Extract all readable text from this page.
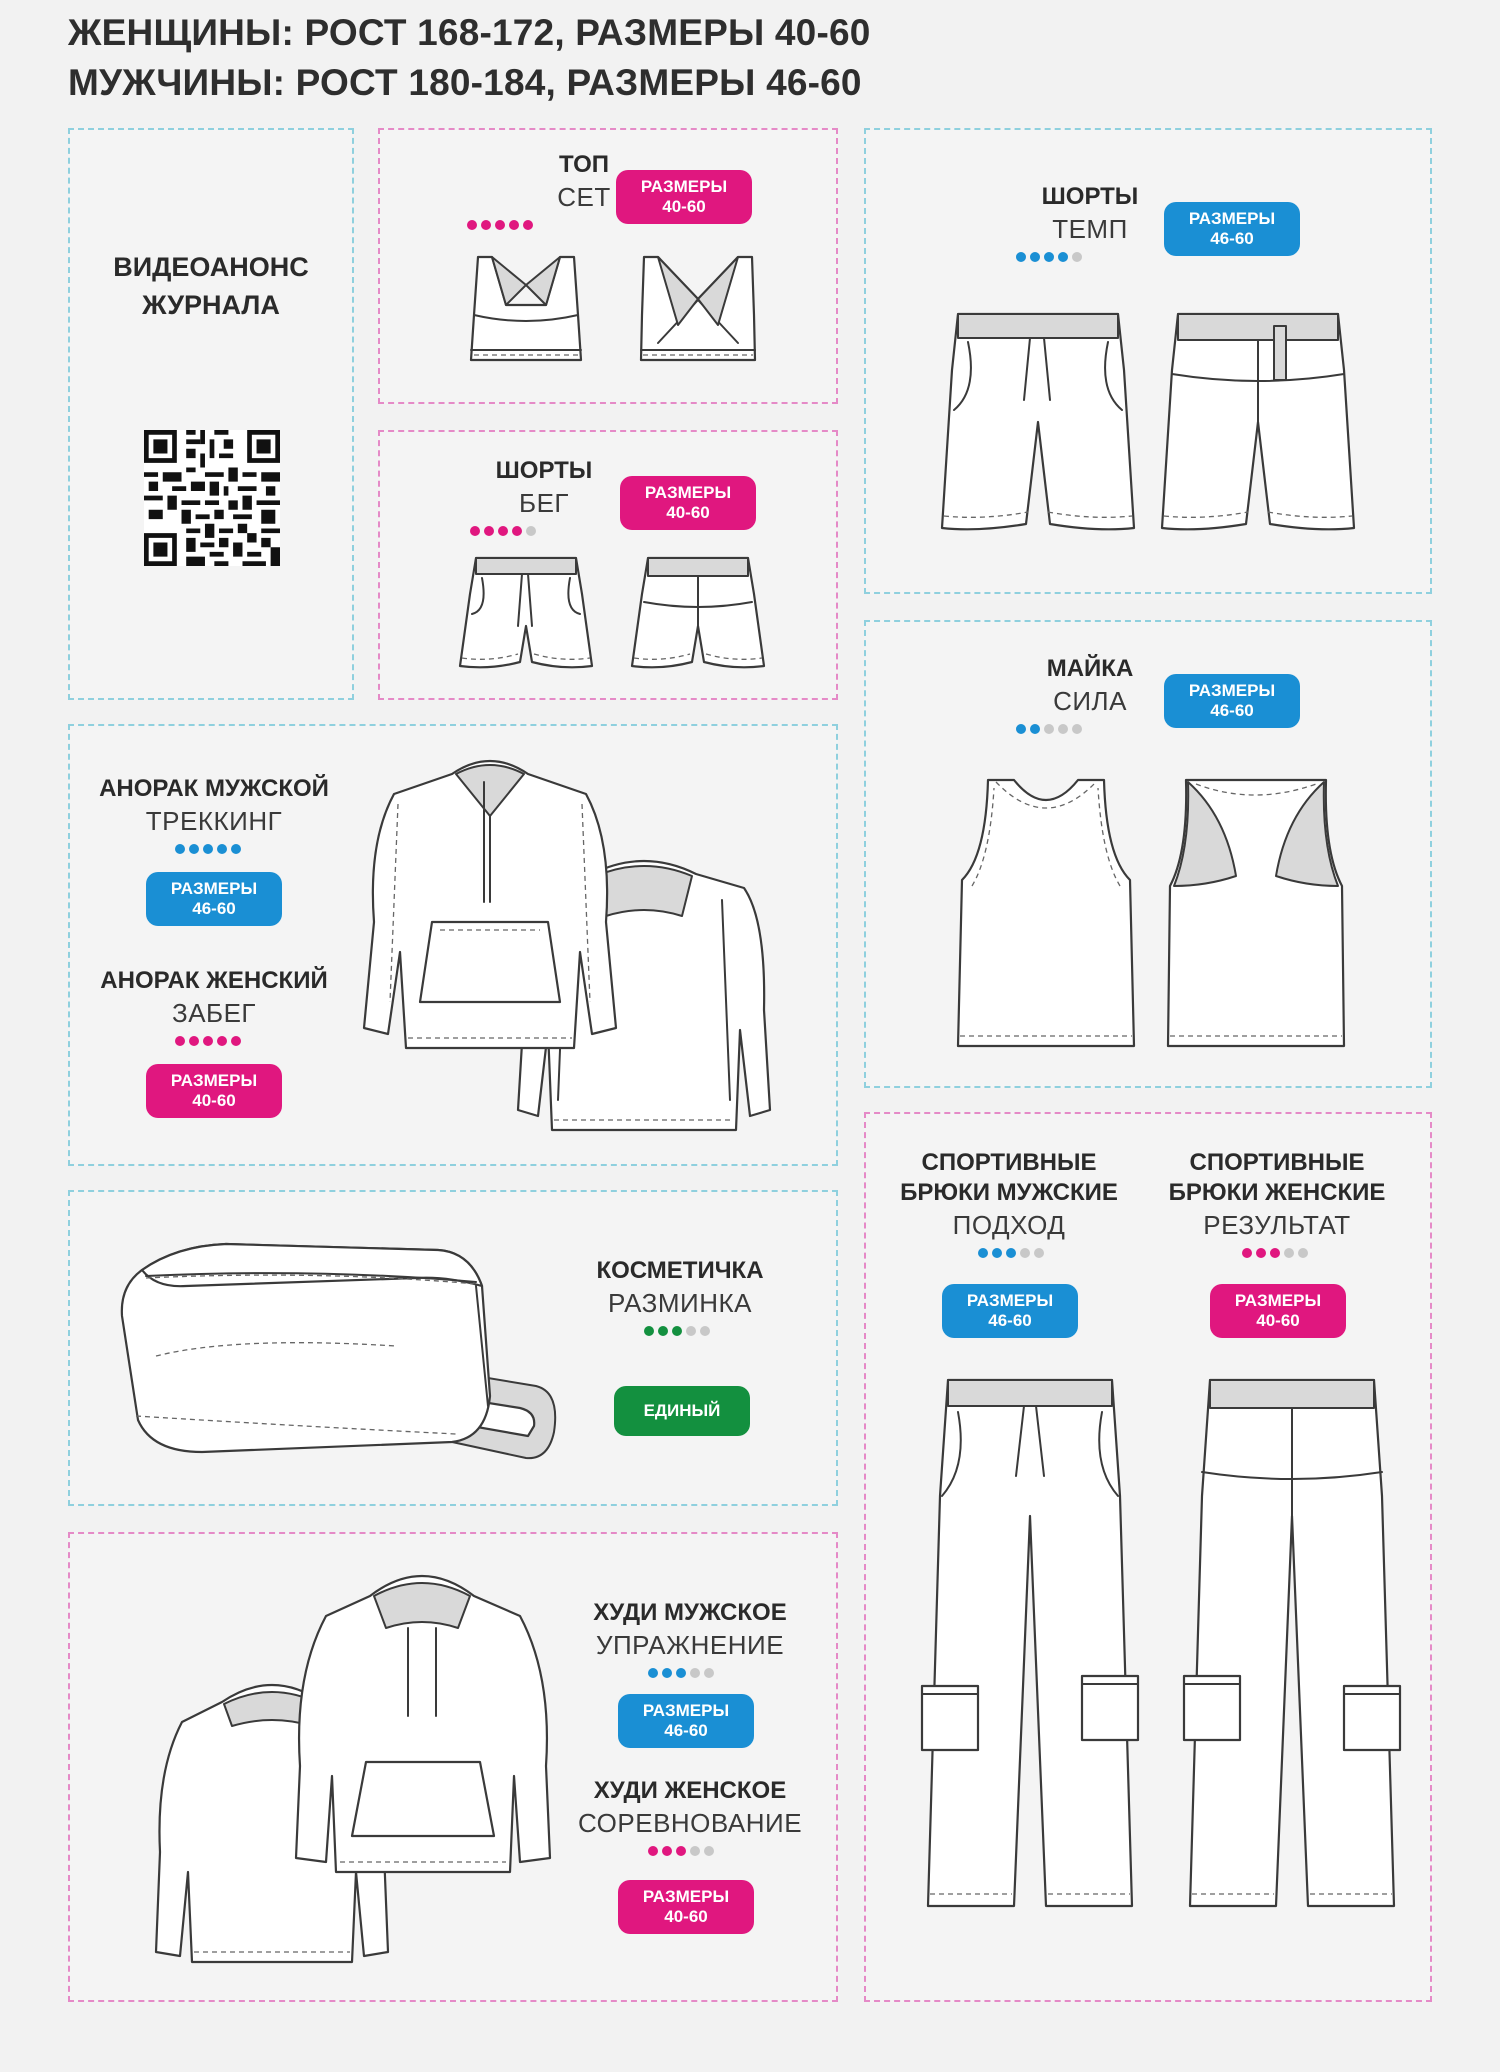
ЖЕНЩИНЫ: РОСТ 168-172, РАЗМЕРЫ 40-60
МУЖЧИНЫ: РОСТ 180-184, РАЗМЕРЫ 46-60
ВИДЕОАНОНС
ЖУРНАЛА
ТОП
СЕТ	РАЗМЕРЫ
40-60
ШОРТЫ
БЕГ	РАЗМЕРЫ
40-60
ШОРТЫ
ТЕМП	РАЗМЕРЫ
46-60
МАЙКА
СИЛА	РАЗМЕРЫ
46-60
АНОРАК МУЖСКОЙ
ТРЕККИНГ
РАЗМЕРЫ
46-60
АНОРАК ЖЕНСКИЙ
ЗАБЕГ
РАЗМЕРЫ
40-60
КОСМЕТИЧКА
РАЗМИНКА
ЕДИНЫЙ
ХУДИ МУЖСКОЕ
УПРАЖНЕНИЕ
РАЗМЕРЫ
46-60
ХУДИ ЖЕНСКОЕ
СОРЕВНОВАНИЕ
РАЗМЕРЫ
40-60
СПОРТИВНЫЕ
БРЮКИ МУЖСКИЕ
ПОДХОД
РАЗМЕРЫ
46-60
СПОРТИВНЫЕ
БРЮКИ ЖЕНСКИЕ
РЕЗУЛЬТАТ
РАЗМЕРЫ
40-60
